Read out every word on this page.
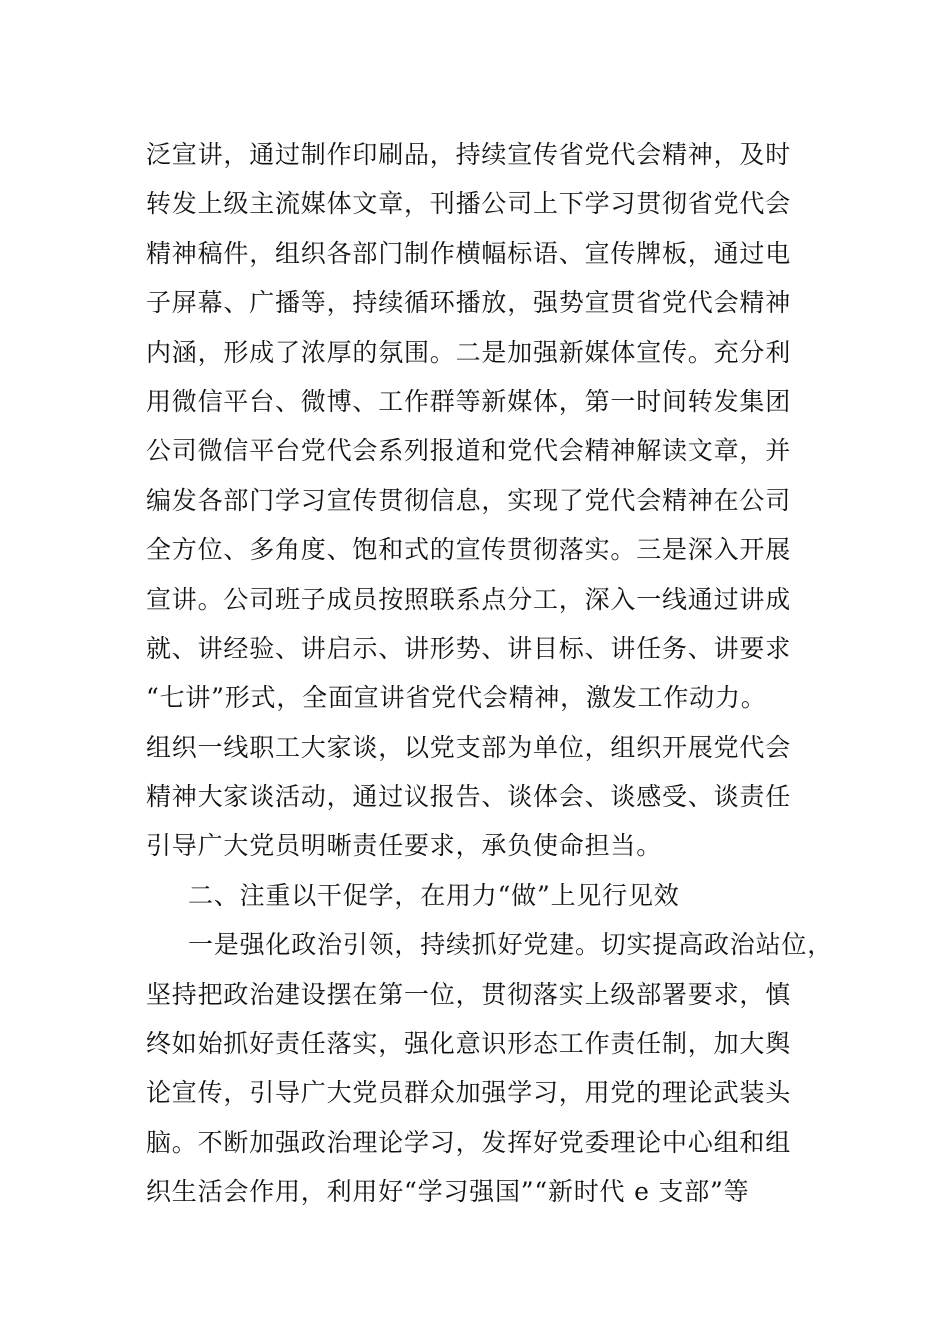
泛宣讲，通过制作印刷品，持续宣传省党代会精神，及时
转发上级主流媒体文章，刊播公司上下学习贯彻省党代会
精神稿件，组织各部门制作横幅标语、宣传牌板，通过电
子屏幕、广播等，持续循环播放，强势宣贯省党代会精神
内涵，形成了浓厚的氛围。二是加强新媒体宣传。充分利
用微信平台、微博、工作群等新媒体，第一时间转发集团
公司微信平台党代会系列报道和党代会精神解读文章，并
编发各部门学习宣传贯彻信息，实现了党代会精神在公司
全方位、多角度、饱和式的宣传贯彻落实。三是深入开展
宣讲。公司班子成员按照联系点分工，深入一线通过讲成
就、讲经验、讲启示、讲形势、讲目标、讲任务、讲要求
“七讲”形式，全面宣讲省党代会精神，激发工作动力。
组织一线职工大家谈，以党支部为单位，组织开展党代会
精神大家谈活动，通过议报告、谈体会、谈感受、谈责任
引导广大党员明晰责任要求，承负使命担当。
二、注重以干促学，在用力“做”上见行见效
一是强化政治引领，持续抓好党建。切实提高政治站位，
坚持把政治建设摆在第一位，贯彻落实上级部署要求，慎
终如始抓好责任落实，强化意识形态工作责任制，加大舆
论宣传，引导广大党员群众加强学习，用党的理论武装头
脑。不断加强政治理论学习，发挥好党委理论中心组和组
织生活会作用，利用好“学习强国”“新时代 e 支部”等
